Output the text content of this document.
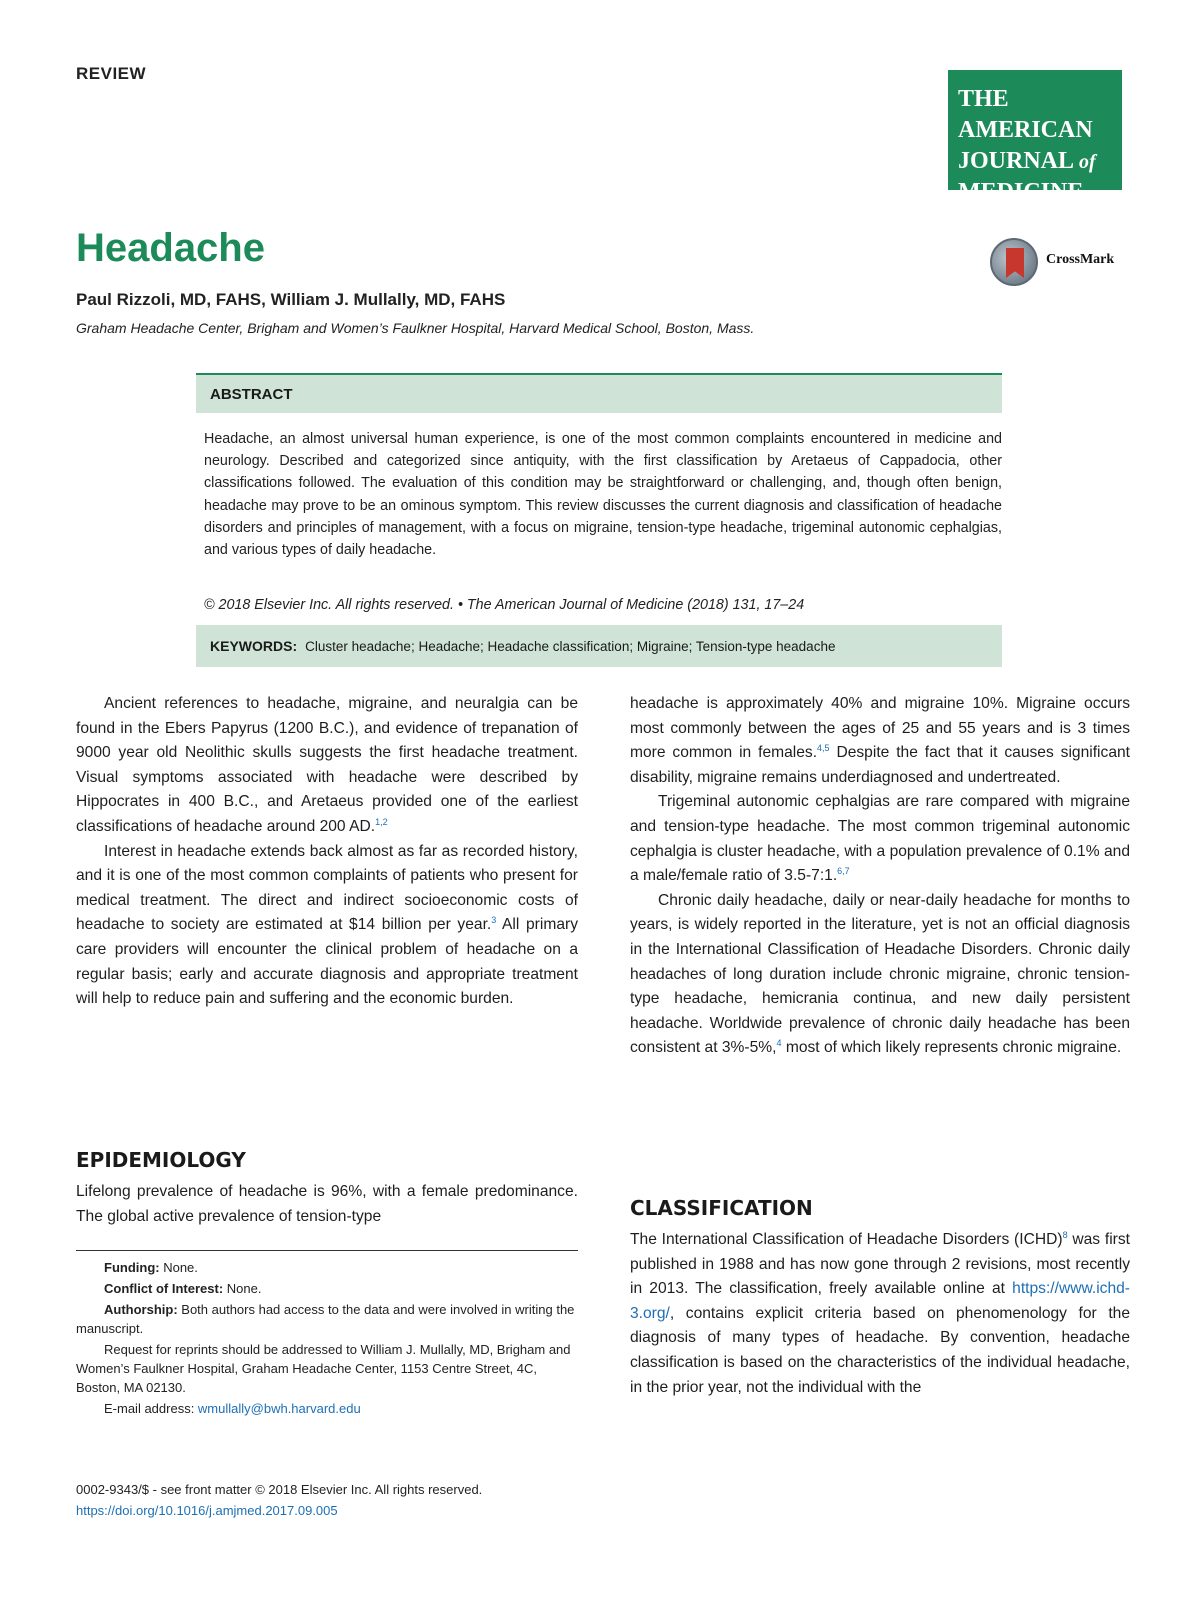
REVIEW
THE AMERICAN
JOURNAL of
MEDICINE®
Headache	CrossMark
Paul Rizzoli, MD, FAHS, William J. Mullally, MD, FAHS
Graham Headache Center, Brigham and Women’s Faulkner Hospital, Harvard Medical School, Boston, Mass.
ABSTRACT
Headache, an almost universal human experience, is one of the most common complaints encountered in medicine and neurology. Described and categorized since antiquity, with the first classification by Aretaeus of Cappadocia, other classifications followed. The evaluation of this condition may be straightforward or challenging, and, though often benign, headache may prove to be an ominous symptom. This review discusses the current diagnosis and classification of headache disorders and principles of management, with a focus on migraine, tension-type headache, trigeminal autonomic cephalgias, and various types of daily headache.
© 2018 Elsevier Inc. All rights reserved. • The American Journal of Medicine (2018) 131, 17–24
KEYWORDS: Cluster headache; Headache; Headache classification; Migraine; Tension-type headache

Ancient references to headache, migraine, and neuralgia can be found in the Ebers Papyrus (1200 B.C.), and evidence of trepanation of 9000 year old Neolithic skulls suggests the first headache treatment. Visual symptoms associated with headache were described by Hippocrates in 400 B.C., and Aretaeus provided one of the earliest classifications of headache around 200 AD.$^{1,2}$

Interest in headache extends back almost as far as recorded history, and it is one of the most common complaints of patients who present for medical treatment. The direct and indirect socioeconomic costs of headache to society are estimated at $14 billion per year.$^3$ All primary care providers will encounter the clinical problem of headache on a regular basis; early and accurate diagnosis and appropriate treatment will help to reduce pain and suffering and the economic burden.

EPIDEMIOLOGY

Lifelong prevalence of headache is 96%, with a female predominance. The global active prevalence of tension-type

Funding: None.

Conflict of Interest: None.

Authorship: Both authors had access to the data and were involved in writing the manuscript.

Request for reprints should be addressed to William J. Mullally, MD, Brigham and Women’s Faulkner Hospital, Graham Headache Center, 1153 Centre Street, 4C, Boston, MA 02130.

E-mail address: wmullally@bwh.harvard.edu

headache is approximately 40% and migraine 10%. Migraine occurs most commonly between the ages of 25 and 55 years and is 3 times more common in females.$^{4,5}$ Despite the fact that it causes significant disability, migraine remains underdiagnosed and undertreated.

Trigeminal autonomic cephalgias are rare compared with migraine and tension-type headache. The most common trigeminal autonomic cephalgia is cluster headache, with a population prevalence of 0.1% and a male/female ratio of 3.5-7:1.$^{6,7}$

Chronic daily headache, daily or near-daily headache for months to years, is widely reported in the literature, yet is not an official diagnosis in the International Classification of Headache Disorders. Chronic daily headaches of long duration include chronic migraine, chronic tension-type headache, hemicrania continua, and new daily persistent headache. Worldwide prevalence of chronic daily headache has been consistent at 3%-5%,$^4$ most of which likely represents chronic migraine.

CLASSIFICATION

The International Classification of Headache Disorders (ICHD)$^8$ was first published in 1988 and has now gone through 2 revisions, most recently in 2013. The classification, freely available online at https://www.ichd-3.org/, contains explicit criteria based on phenomenology for the diagnosis of many types of headache. By convention, headache classification is based on the characteristics of the individual headache, in the prior year, not the individual with the

0002-9343/$ - see front matter © 2018 Elsevier Inc. All rights reserved.
https://doi.org/10.1016/j.amjmed.2017.09.005
